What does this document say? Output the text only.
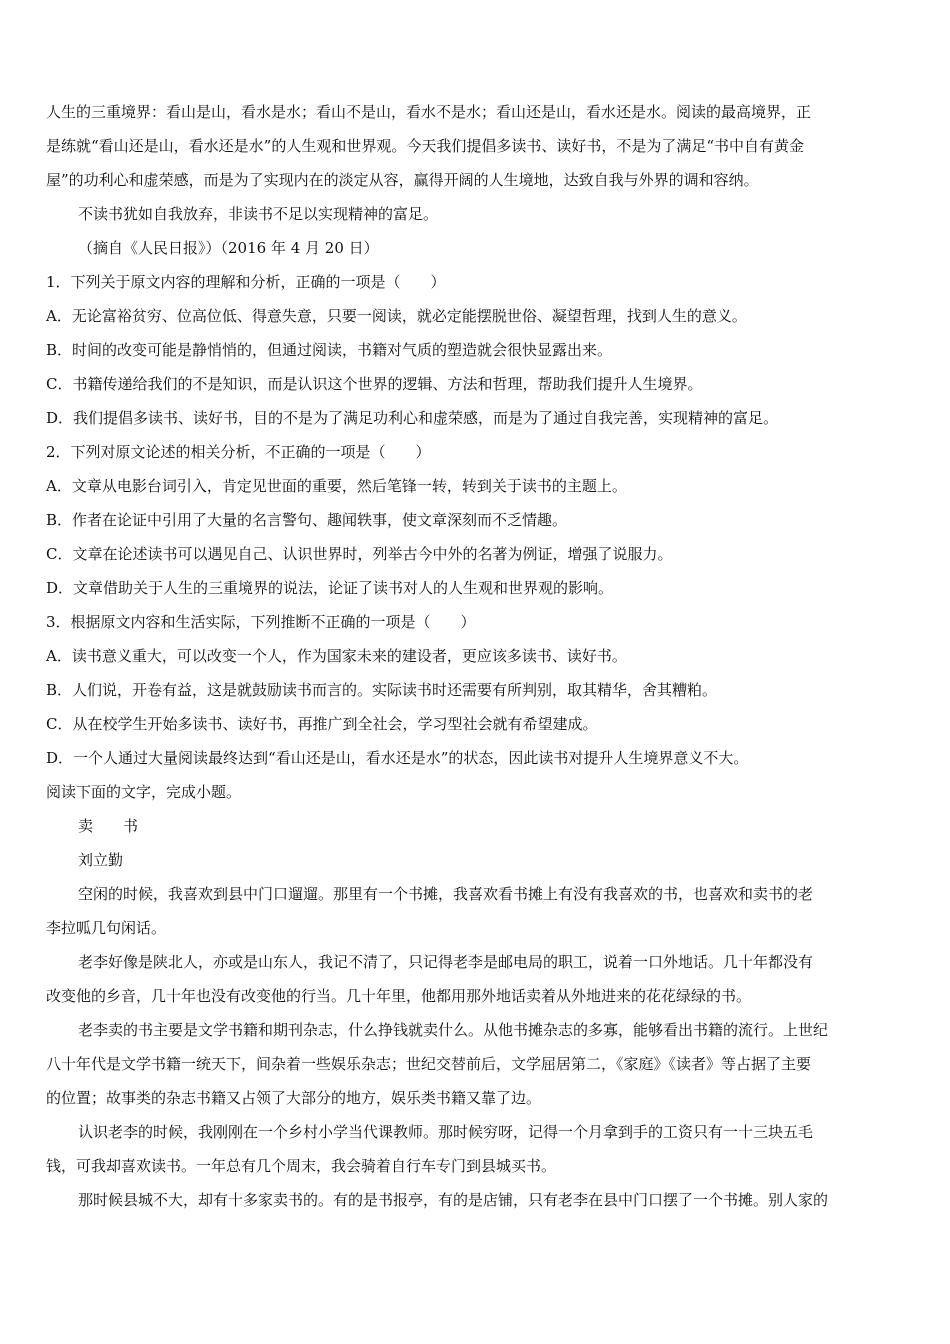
人生的三重境界：看山是山，看水是水；看山不是山，看水不是水；看山还是山，看水还是水。阅读的最高境界，正
是练就“看山还是山，看水还是水”的人生观和世界观。今天我们提倡多读书、读好书，不是为了满足“书中自有黄金
屋”的功利心和虚荣感，而是为了实现内在的淡定从容，赢得开阔的人生境地，达致自我与外界的调和容纳。
不读书犹如自我放弃，非读书不足以实现精神的富足。
（摘自《人民日报》）（2016 年 4 月 20 日）
1．下列关于原文内容的理解和分析，正确的一项是（　　）
A．无论富裕贫穷、位高位低、得意失意，只要一阅读，就必定能摆脱世俗、凝望哲理，找到人生的意义。
B．时间的改变可能是静悄悄的，但通过阅读，书籍对气质的塑造就会很快显露出来。
C．书籍传递给我们的不是知识，而是认识这个世界的逻辑、方法和哲理，帮助我们提升人生境界。
D．我们提倡多读书、读好书，目的不是为了满足功利心和虚荣感，而是为了通过自我完善，实现精神的富足。
2．下列对原文论述的相关分析，不正确的一项是（　　）
A．文章从电影台词引入，肯定见世面的重要，然后笔锋一转，转到关于读书的主题上。
B．作者在论证中引用了大量的名言警句、趣闻轶事，使文章深刻而不乏情趣。
C．文章在论述读书可以遇见自己、认识世界时，列举古今中外的名著为例证，增强了说服力。
D．文章借助关于人生的三重境界的说法，论证了读书对人的人生观和世界观的影响。
3．根据原文内容和生活实际，下列推断不正确的一项是（　　）
A．读书意义重大，可以改变一个人，作为国家未来的建设者，更应该多读书、读好书。
B．人们说，开卷有益，这是就鼓励读书而言的。实际读书时还需要有所判别，取其精华，舍其糟粕。
C．从在校学生开始多读书、读好书，再推广到全社会，学习型社会就有希望建成。
D．一个人通过大量阅读最终达到“看山还是山，看水还是水”的状态，因此读书对提升人生境界意义不大。
阅读下面的文字，完成小题。
卖　　书
刘立勤
空闲的时候，我喜欢到县中门口遛遛。那里有一个书摊，我喜欢看书摊上有没有我喜欢的书，也喜欢和卖书的老
李拉呱几句闲话。
老李好像是陕北人，亦或是山东人，我记不清了，只记得老李是邮电局的职工，说着一口外地话。几十年都没有
改变他的乡音，几十年也没有改变他的行当。几十年里，他都用那外地话卖着从外地进来的花花绿绿的书。
老李卖的书主要是文学书籍和期刊杂志，什么挣钱就卖什么。从他书摊杂志的多寡，能够看出书籍的流行。上世纪
八十年代是文学书籍一统天下，间杂着一些娱乐杂志；世纪交替前后，文学屈居第二，《家庭》《读者》等占据了主要
的位置；故事类的杂志书籍又占领了大部分的地方，娱乐类书籍又靠了边。
认识老李的时候，我刚刚在一个乡村小学当代课教师。那时候穷呀，记得一个月拿到手的工资只有一十三块五毛
钱，可我却喜欢读书。一年总有几个周末，我会骑着自行车专门到县城买书。
那时候县城不大，却有十多家卖书的。有的是书报亭，有的是店铺，只有老李在县中门口摆了一个书摊。别人家的
